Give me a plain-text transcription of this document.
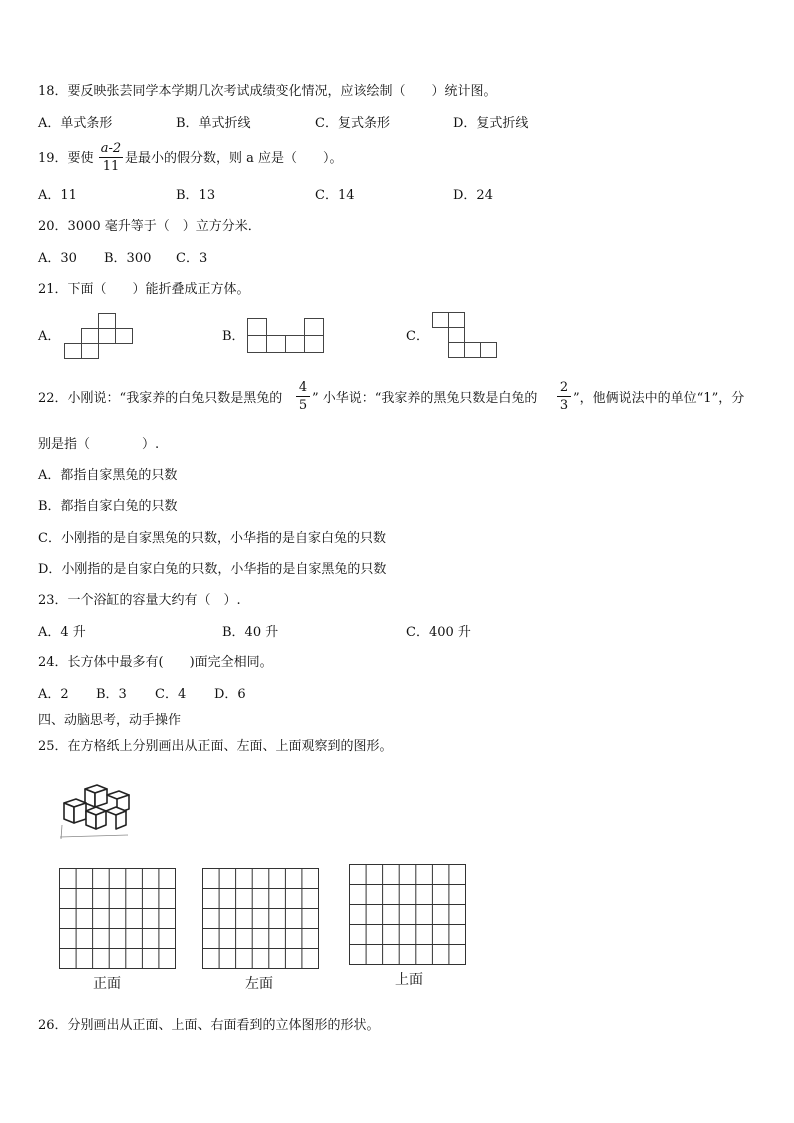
18．要反映张芸同学本学期几次考试成绩变化情况，应该绘制（　　）统计图。
A．单式条形	B．单式折线	C．复式条形	D．复式折线
19．要使
a-2
11
是最小的假分数，则 a 应是（　　）。
A．11	B．13	C．14	D．24
20．3000 毫升等于（　）立方分米．
A．30 B．300 C．3
21．下面（　　）能折叠成正方体。
A．	B．	C．
22．小刚说：“我家养的白兔只数是黑兔的
4
5 ” 小华说：“我家养的黑兔只数是白兔的
2
3 ”，他俩说法中的单位“1”，分
别是指（　　　　）.
A．都指自家黑兔的只数
B．都指自家白兔的只数
C．小刚指的是自家黑兔的只数，小华指的是自家白兔的只数
D．小刚指的是自家白兔的只数，小华指的是自家黑兔的只数
23．一个浴缸的容量大约有（　）.
A．4 升	B．40 升	C．400 升
24．长方体中最多有(　　)面完全相同。
A．2 B．3 C．4 D．6
四、动脑思考，动手操作
25．在方格纸上分别画出从正面、左面、上面观察到的图形。
正面	左面	上面
26．分别画出从正面、上面、右面看到的立体图形的形状。
